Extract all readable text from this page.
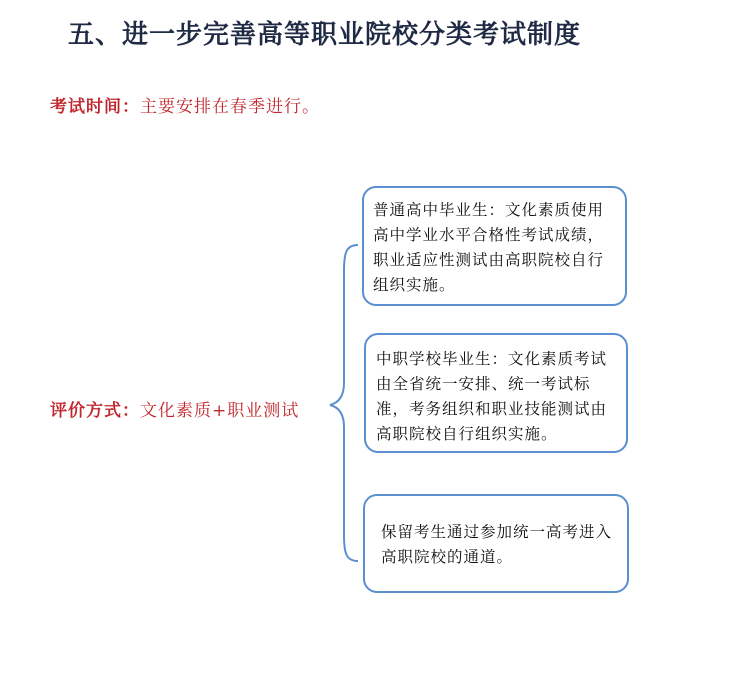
五、进一步完善高等职业院校分类考试制度
考试时间：主要安排在春季进行。
评价方式：文化素质+职业测试
普通高中毕业生：文化素质使用高中学业水平合格性考试成绩，职业适应性测试由高职院校自行组织实施。
中职学校毕业生：文化素质考试由全省统一安排、统一考试标准，考务组织和职业技能测试由高职院校自行组织实施。
保留考生通过参加统一高考进入高职院校的通道。
